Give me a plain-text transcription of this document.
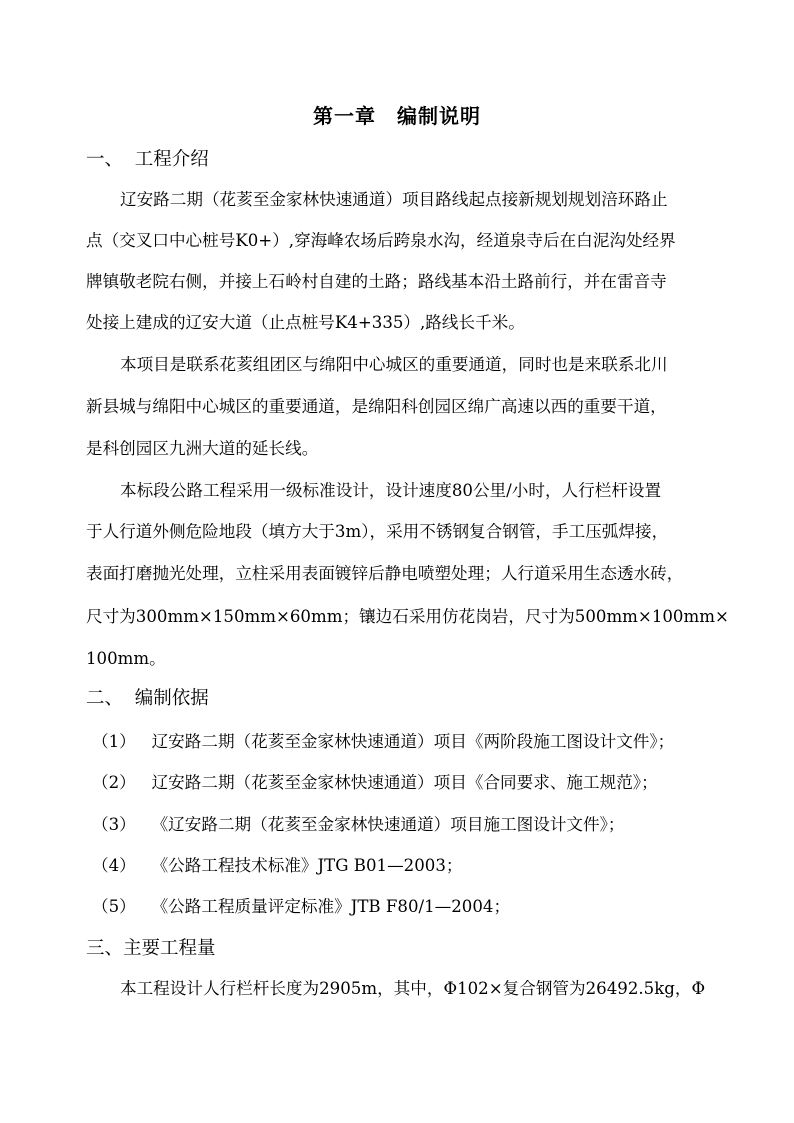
第一章　编制说明
一、  工程介绍
辽安路二期（花荄至金家林快速通道）项目路线起点接新规划规划涪环路止
点（交叉口中心桩号K0+）,穿海峰农场后跨泉水沟，经道泉寺后在白泥沟处经界
牌镇敬老院右侧，并接上石岭村自建的土路；路线基本沿土路前行，并在雷音寺
处接上建成的辽安大道（止点桩号K4+335）,路线长千米。
本项目是联系花荄组团区与绵阳中心城区的重要通道，同时也是来联系北川
新县城与绵阳中心城区的重要通道，是绵阳科创园区绵广高速以西的重要干道，
是科创园区九洲大道的延长线。
本标段公路工程采用一级标准设计，设计速度80公里/小时，人行栏杆设置
于人行道外侧危险地段（填方大于3m），采用不锈钢复合钢管，手工压弧焊接，
表面打磨抛光处理，立柱采用表面镀锌后静电喷塑处理；人行道采用生态透水砖，
尺寸为300mm×150mm×60mm；镶边石采用仿花岗岩，尺寸为500mm×100mm×
100mm。
二、  编制依据
（1）   辽安路二期（花荄至金家林快速通道）项目《两阶段施工图设计文件》；
（2）   辽安路二期（花荄至金家林快速通道）项目《合同要求、施工规范》；
（3）   《辽安路二期（花荄至金家林快速通道）项目施工图设计文件》；
（4）   《公路工程技术标准》JTG B01—2003；
（5）   《公路工程质量评定标准》JTB F80/1—2004；
三、主要工程量
本工程设计人行栏杆长度为2905m，其中，Φ102×复合钢管为26492.5kg，Φ
